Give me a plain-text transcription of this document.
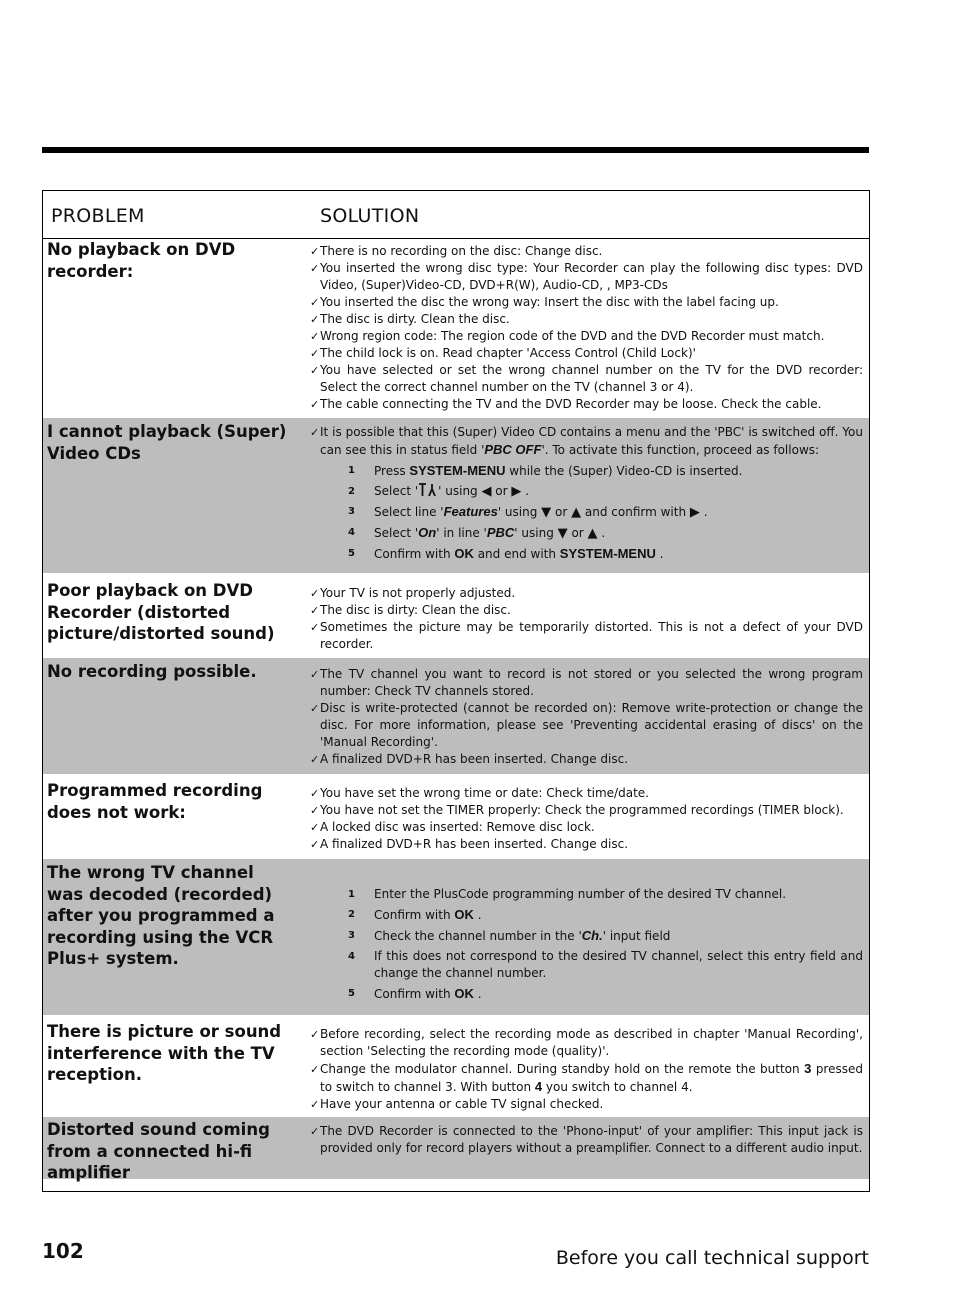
PROBLEM	SOLUTION
No playback on DVD recorder:

✓ There is no recording on the disc: Change disc.

✓ You inserted the wrong disc type: Your Recorder can play the following disc types: DVD Video, (Super)Video-CD, DVD+R(W), Audio-CD, , MP3-CDs

✓ You inserted the disc the wrong way: Insert the disc with the label facing up.

✓ The disc is dirty. Clean the disc.

✓ Wrong region code: The region code of the DVD and the DVD Recorder must match.

✓ The child lock is on. Read chapter 'Access Control (Child Lock)'

✓ You have selected or set the wrong channel number on the TV for the DVD recorder: Select the correct channel number on the TV (channel 3 or 4).

✓ The cable connecting the TV and the DVD Recorder may be loose. Check the cable.

I cannot playback (Super) Video CDs

✓ It is possible that this (Super) Video CD contains a menu and the 'PBC' is switched off. You can see this in status field 'PBC OFF'. To activate this function, proceed as follows:

1 Press SYSTEM-MENU while the (Super) Video-CD is inserted.

2 Select ' ' using ◀ or ▶ .

3 Select line 'Features' using ▼ or ▲ and confirm with ▶ .

4 Select 'On' in line 'PBC' using ▼ or ▲ .

5 Confirm with OK and end with SYSTEM-MENU .

Poor playback on DVD Recorder (distorted picture/distorted sound)

✓ Your TV is not properly adjusted.

✓ The disc is dirty: Clean the disc.

✓ Sometimes the picture may be temporarily distorted. This is not a defect of your DVD recorder.

No recording possible.

✓	The TV channel you want to record is not stored or you selected the wrong program number: Check TV channels stored.

✓ Disc is write-protected (cannot be recorded on): Remove write-protection or change the disc. For more information, please see 'Preventing accidental erasing of discs' on the 'Manual Recording'.

✓ A finalized DVD+R has been inserted. Change disc.

Programmed recording does not work:

✓ You have set the wrong time or date: Check time/date.

✓ You have not set the TIMER properly: Check the programmed recordings (TIMER block).

✓ A locked disc was inserted: Remove disc lock.

✓ A finalized DVD+R has been inserted. Change disc.

The wrong TV channel was decoded (recorded) after you programmed a recording using the VCR Plus+ system.

1 Enter the PlusCode programming number of the desired TV channel.

2 Confirm with OK .

3 Check the channel number in the 'Ch.' input field

4 If this does not correspond to the desired TV channel, select this entry field and change the channel number.

5 Confirm with OK .

There is picture or sound interference with the TV reception.

✓ Before recording, select the recording mode as described in chapter 'Manual Recording', section 'Selecting the recording mode (quality)'.

✓ Change the modulator channel. During standby hold on the remote the button 3 pressed to switch to channel 3. With button 4 you switch to channel 4.

✓ Have your antenna or cable TV signal checked.

Distorted sound coming from a connected hi-fi amplifier

✓ The DVD Recorder is connected to the 'Phono-input' of your amplifier: This input jack is provided only for record players without a preamplifier. Connect to a different audio input.

102	Before you call technical support
